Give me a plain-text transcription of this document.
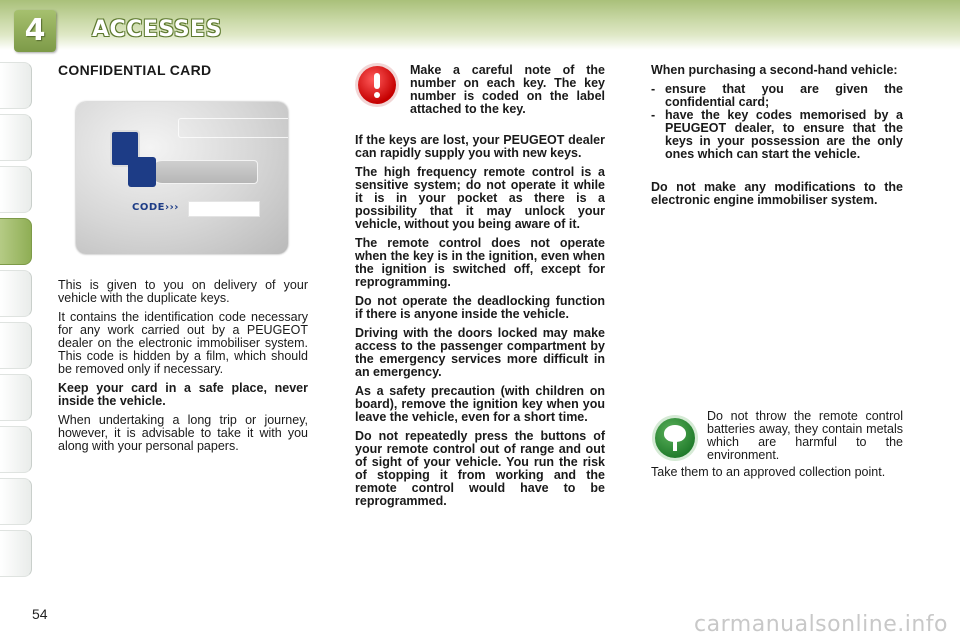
4	ACCESSES
CONFIDENTIAL CARD
CODE›››

This is given to you on delivery of your vehicle with the duplicate keys.

It contains the identification code necessary for any work carried out by a PEUGEOT dealer on the electronic immobiliser system. This code is hidden by a film, which should be removed only if necessary.

Keep your card in a safe place, never inside the vehicle.

When undertaking a long trip or journey, however, it is advisable to take it with you along with your personal papers.

Make a careful note of the number on each key. The key number is coded on the label attached to the key.

If the keys are lost, your PEUGEOT dealer can rapidly supply you with new keys.

The high frequency remote control is a sensitive system; do not operate it while it is in your pocket as there is a possibility that it may unlock your vehicle, without you being aware of it.

The remote control does not operate when the key is in the ignition, even when the ignition is switched off, except for reprogramming.

Do not operate the deadlocking function if there is anyone inside the vehicle.

Driving with the doors locked may make access to the passenger compartment by the emergency services more difficult in an emergency.

As a safety precaution (with children on board), remove the ignition key when you leave the vehicle, even for a short time.

Do not repeatedly press the buttons of your remote control out of range and out of sight of your vehicle. You run the risk of stopping it from working and the remote control would have to be reprogrammed.

When purchasing a second-hand vehicle:

- ensure that you are given the confidential card;
- have the key codes memorised by a PEUGEOT dealer, to ensure that the keys in your possession are the only ones which can start the vehicle.

Do not make any modifications to the electronic engine immobiliser system.

Do not throw the remote control batteries away, they contain metals which are harmful to the environment.
Take them to an approved collection point.
54	carmanualsonline.info
